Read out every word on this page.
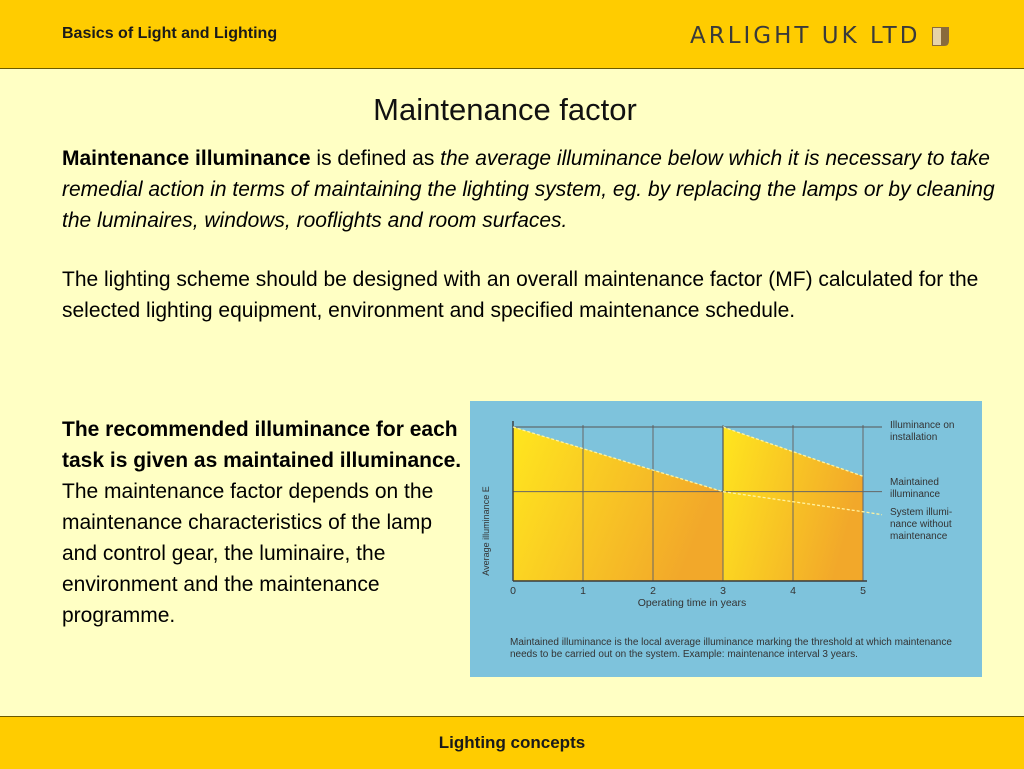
Basics of Light and Lighting	ARLIGHT UK LTD
Maintenance factor
Maintenance illuminance is defined as the average illuminance below which it is necessary to take remedial action in terms of maintaining the lighting system, eg. by replacing the lamps or by cleaning the luminaires, windows, rooflights and room surfaces.
The lighting scheme should be designed with an overall maintenance factor (MF) calculated for the selected lighting equipment, environment and specified maintenance schedule.
The recommended illuminance for each task is given as maintained illuminance. The maintenance factor depends on the maintenance characteristics of the lamp and control gear, the luminaire, the environment and the maintenance programme.
0	1	2	3	4	5
Average illuminance E
Operating time in years
Illuminance on installation
Maintained illuminance
System illumi- nance without maintenance
Maintained illuminance is the local average illuminance marking the threshold at which maintenance needs to be carried out on the system. Example: maintenance interval 3 years.
Lighting concepts
